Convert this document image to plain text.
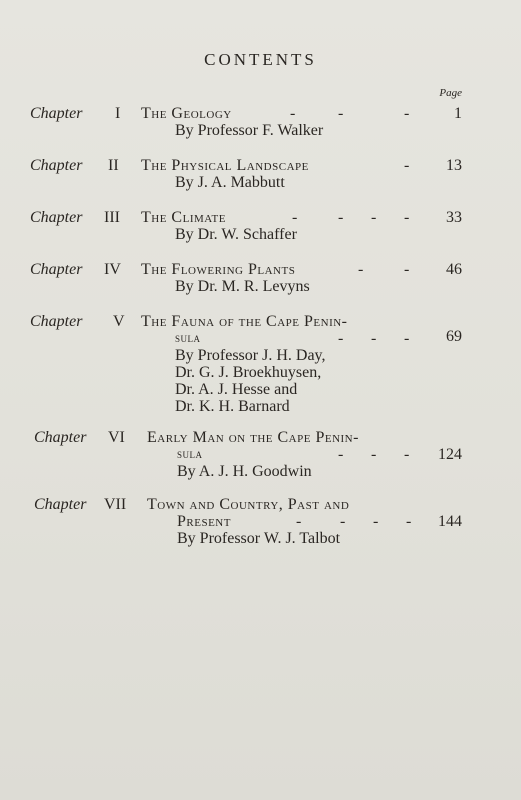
CONTENTS
Page
Chapter I	The Geology	-	-	-	1
By Professor F. Walker
Chapter II	The Physical Landscape	-	13
By J. A. Mabbutt
Chapter III	The Climate	-	- - -	33
By Dr. W. Schaffer
Chapter IV	The Flowering Plants	-	-	46
By Dr. M. R. Levyns
Chapter V	The Fauna of the Cape Penin-
sula	- - -	69
By Professor J. H. Day,
Dr. G. J. Broekhuysen,
Dr. A. J. Hesse and
Dr. K. H. Barnard
Chapter VI	Early Man on the Cape Penin-
sula	- - -	124
By A. J. H. Goodwin
Chapter VII	Town and Country, Past and
Present	- - - -	144
By Professor W. J. Talbot
